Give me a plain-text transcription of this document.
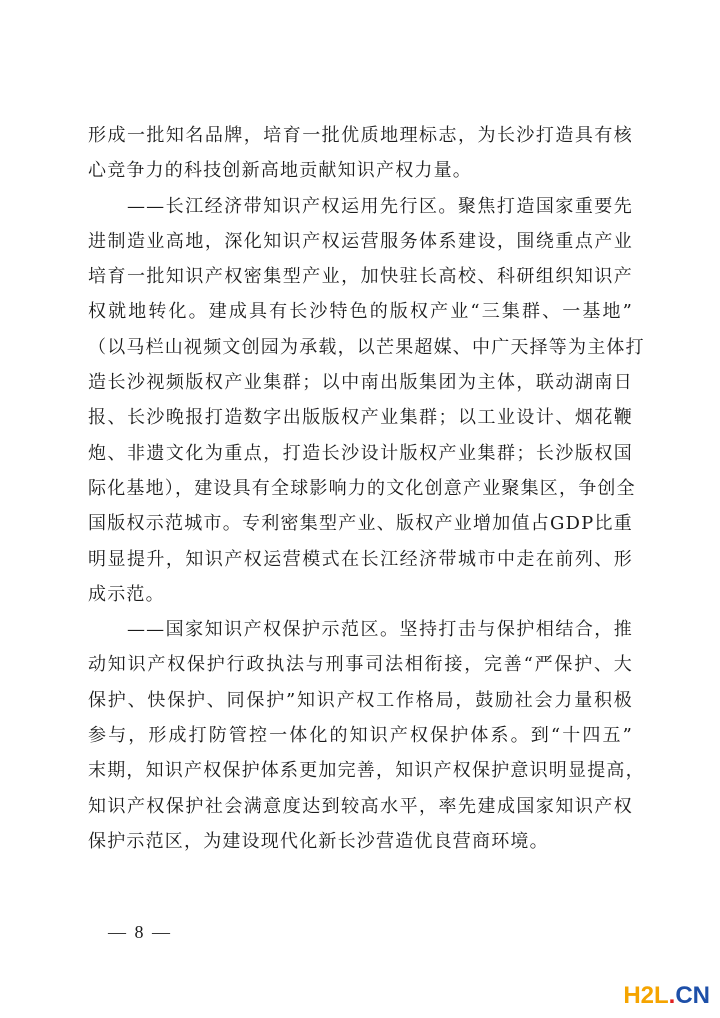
形成一批知名品牌，培育一批优质地理标志，为长沙打造具有核
心竞争力的科技创新高地贡献知识产权力量。
　　——长江经济带知识产权运用先行区。聚焦打造国家重要先
进制造业高地，深化知识产权运营服务体系建设，围绕重点产业
培育一批知识产权密集型产业，加快驻长高校、科研组织知识产
权就地转化。建成具有长沙特色的版权产业“三集群、一基地”
（以马栏山视频文创园为承载，以芒果超媒、中广天择等为主体打
造长沙视频版权产业集群；以中南出版集团为主体，联动湖南日
报、长沙晚报打造数字出版版权产业集群；以工业设计、烟花鞭
炮、非遗文化为重点，打造长沙设计版权产业集群；长沙版权国
际化基地），建设具有全球影响力的文化创意产业聚集区，争创全
国版权示范城市。专利密集型产业、版权产业增加值占GDP比重
明显提升，知识产权运营模式在长江经济带城市中走在前列、形
成示范。
　　——国家知识产权保护示范区。坚持打击与保护相结合，推
动知识产权保护行政执法与刑事司法相衔接，完善“严保护、大
保护、快保护、同保护”知识产权工作格局，鼓励社会力量积极
参与，形成打防管控一体化的知识产权保护体系。到“十四五”
末期，知识产权保护体系更加完善，知识产权保护意识明显提高，
知识产权保护社会满意度达到较高水平，率先建成国家知识产权
保护示范区，为建设现代化新长沙营造优良营商环境。
— 8 —
H2L.CN
